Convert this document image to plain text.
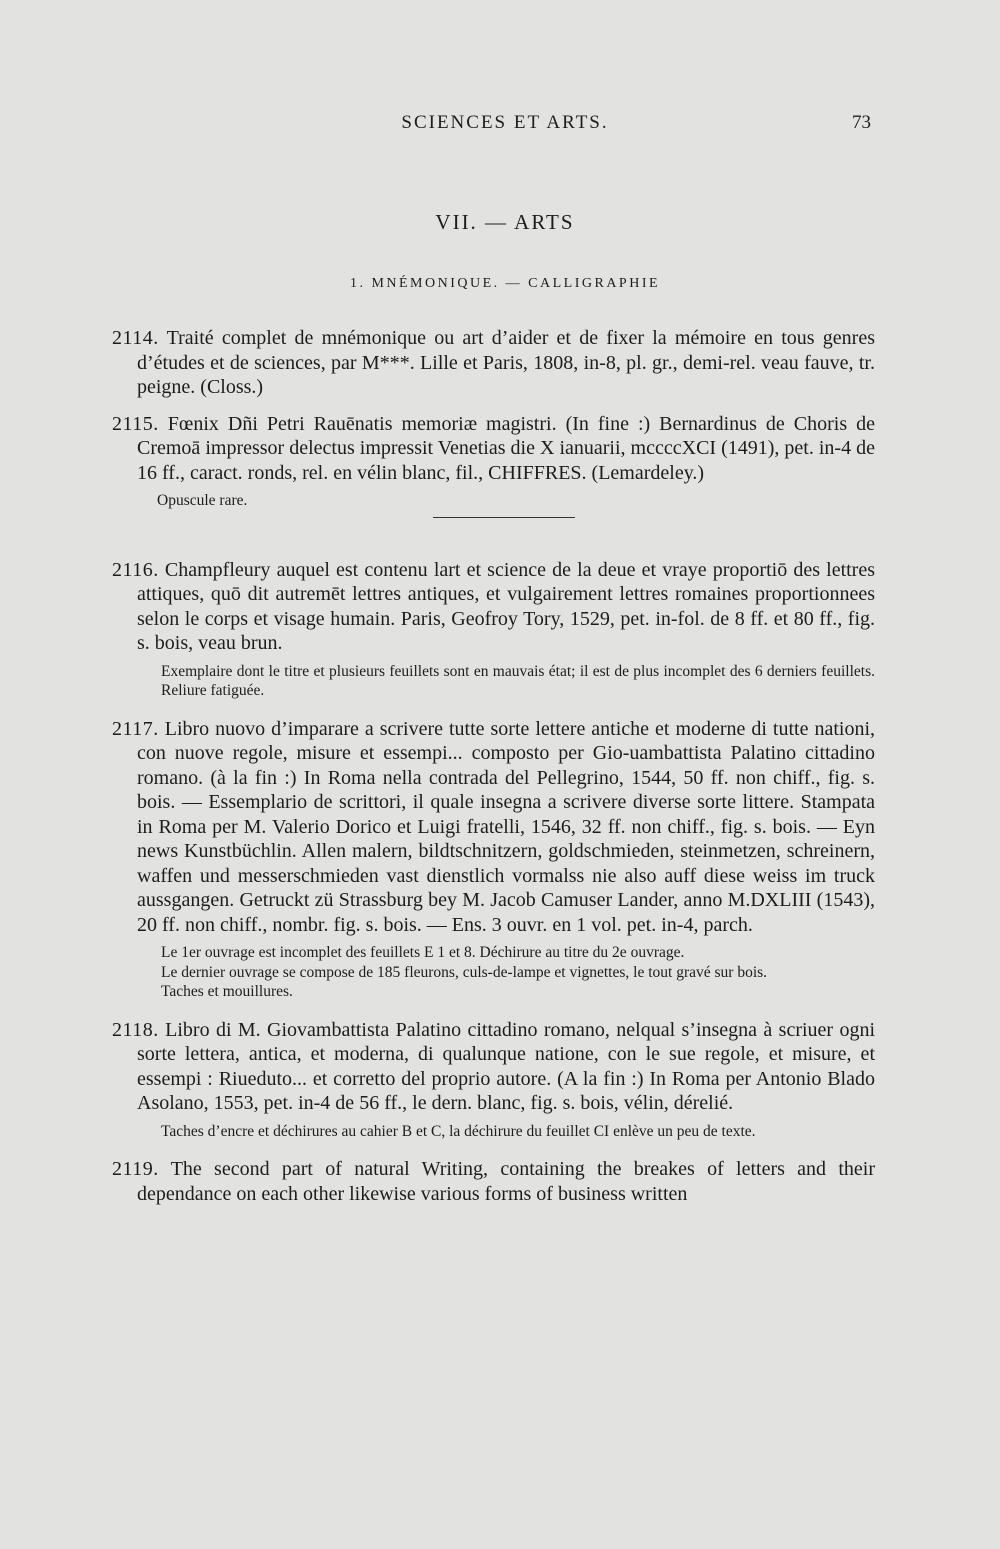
SCIENCES ET ARTS.	73
VII. — ARTS
1. MNÉMONIQUE. — CALLIGRAPHIE

2114. Traité complet de mnémonique ou art d’aider et de fixer la mémoire en tous genres d’études et de sciences, par M***. Lille et Paris, 1808, in-8, pl. gr., demi-rel. veau fauve, tr. peigne. (Closs.)

2115. Fœnix Dñi Petri Rauēnatis memoriæ magistri. (In fine :) Bernardinus de Choris de Cremoā impressor delectus impressit Venetias die X ianuarii, mccccXCI (1491), pet. in-4 de 16 ff., caract. ronds, rel. en vélin blanc, fil., CHIFFRES. (Lemardeley.)

Opuscule rare.

2116. Champfleury auquel est contenu lart et science de la deue et vraye proportiō des lettres attiques, quō dit autremēt lettres antiques, et vulgairement lettres romaines proportionnees selon le corps et visage humain. Paris, Geofroy Tory, 1529, pet. in-fol. de 8 ff. et 80 ff., fig. s. bois, veau brun.

Exemplaire dont le titre et plusieurs feuillets sont en mauvais état; il est de plus incomplet des 6 derniers feuillets. Reliure fatiguée.

2117. Libro nuovo d’imparare a scrivere tutte sorte lettere antiche et moderne di tutte nationi, con nuove regole, misure et essempi... composto per Gio-uambattista Palatino cittadino romano. (à la fin :) In Roma nella contrada del Pellegrino, 1544, 50 ff. non chiff., fig. s. bois. — Essemplario de scrittori, il quale insegna a scrivere diverse sorte littere. Stampata in Roma per M. Valerio Dorico et Luigi fratelli, 1546, 32 ff. non chiff., fig. s. bois. — Eyn news Kunstbüchlin. Allen malern, bildtschnitzern, goldschmieden, steinmetzen, schreinern, waffen und messerschmieden vast dienstlich vormalss nie also auff diese weiss im truck aussgangen. Getruckt zü Strassburg bey M. Jacob Camuser Lander, anno M.DXLIII (1543), 20 ff. non chiff., nombr. fig. s. bois. — Ens. 3 ouvr. en 1 vol. pet. in-4, parch.

Le 1er ouvrage est incomplet des feuillets E 1 et 8. Déchirure au titre du 2e ouvrage.
Le dernier ouvrage se compose de 185 fleurons, culs-de-lampe et vignettes, le tout gravé sur bois.
Taches et mouillures.

2118. Libro di M. Giovambattista Palatino cittadino romano, nelqual s’insegna à scriuer ogni sorte lettera, antica, et moderna, di qualunque natione, con le sue regole, et misure, et essempi : Riueduto... et corretto del proprio autore. (A la fin :) In Roma per Antonio Blado Asolano, 1553, pet. in-4 de 56 ff., le dern. blanc, fig. s. bois, vélin, dérelié.

Taches d’encre et déchirures au cahier B et C, la déchirure du feuillet CI enlève un peu de texte.

2119. The second part of natural Writing, containing the breakes of letters and their dependance on each other likewise various forms of business written
